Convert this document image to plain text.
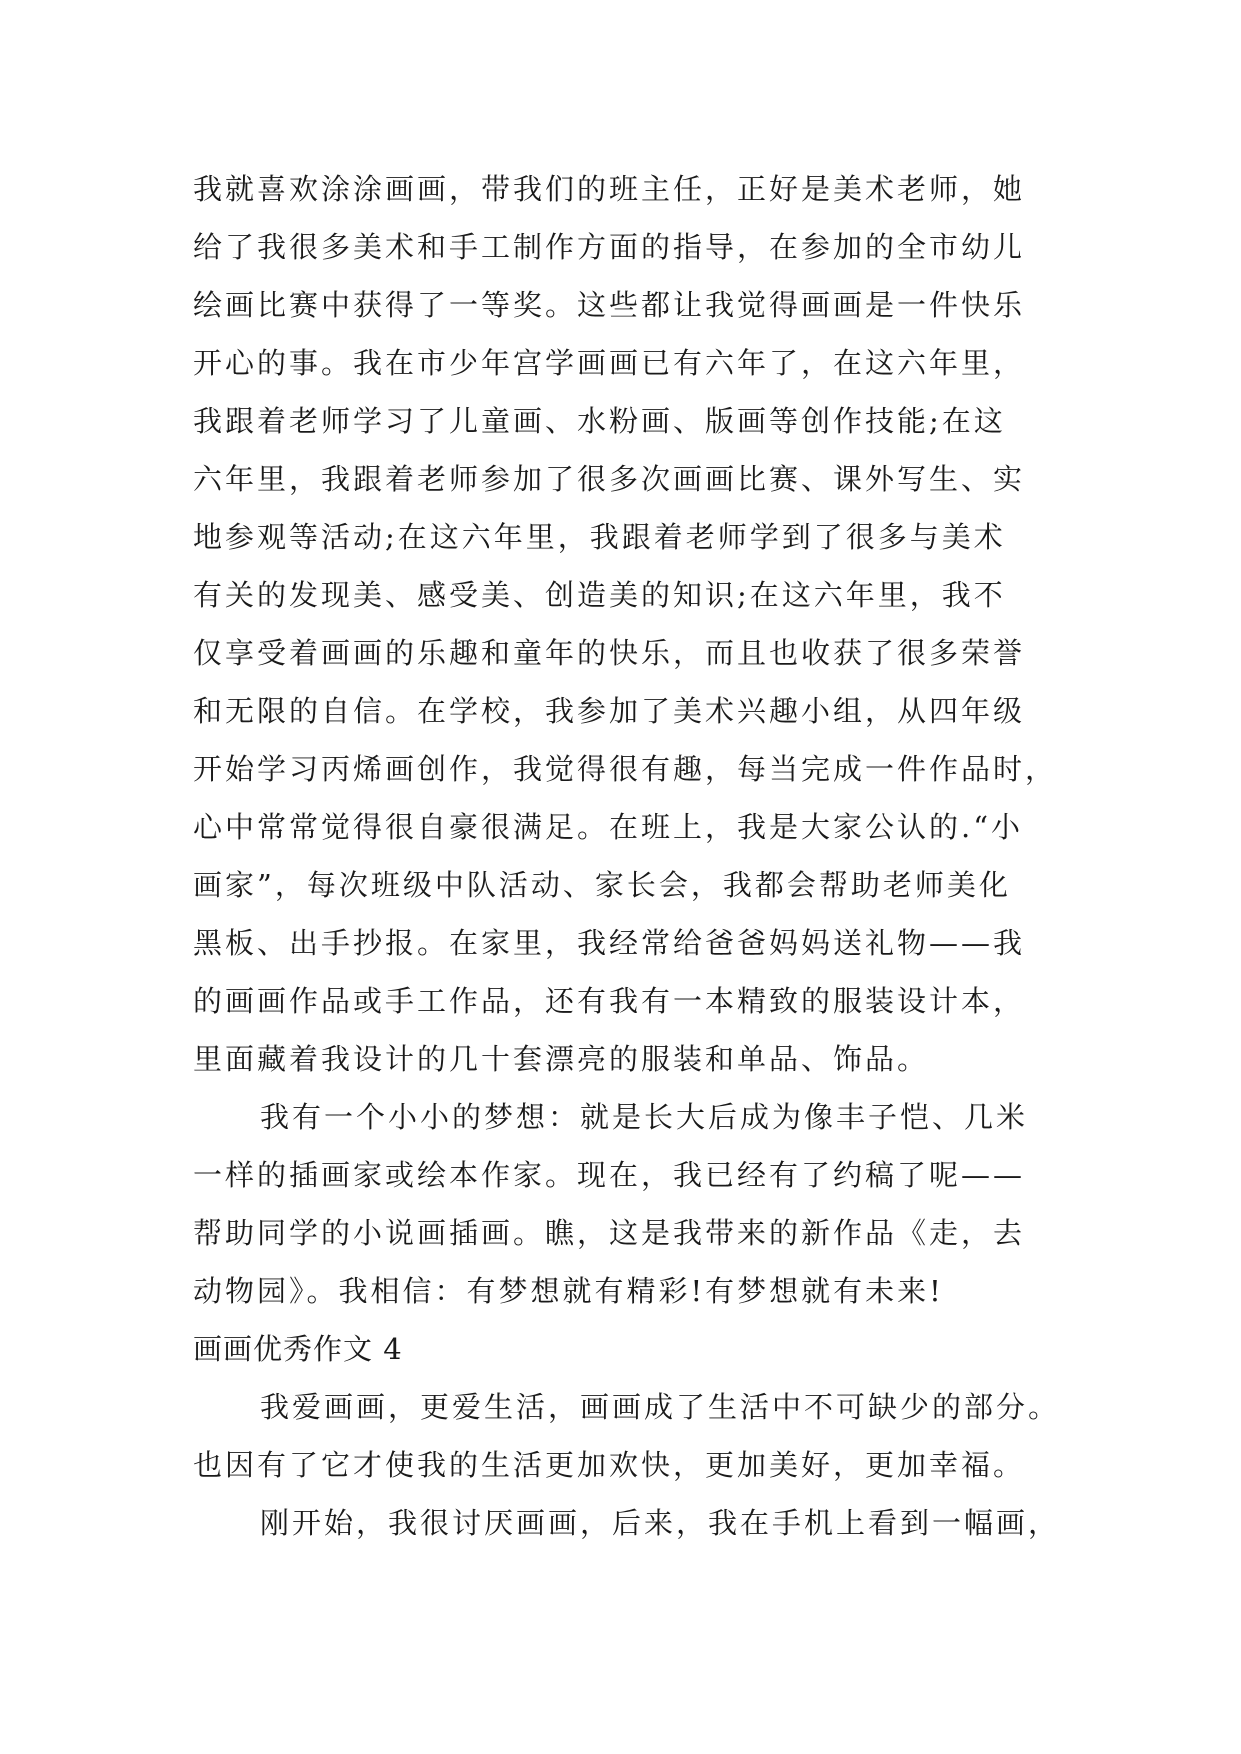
我就喜欢涂涂画画，带我们的班主任，正好是美术老师，她
给了我很多美术和手工制作方面的指导，在参加的全市幼儿
绘画比赛中获得了一等奖。这些都让我觉得画画是一件快乐
开心的事。我在市少年宫学画画已有六年了，在这六年里，
我跟着老师学习了儿童画、水粉画、版画等创作技能;在这
六年里，我跟着老师参加了很多次画画比赛、课外写生、实
地参观等活动;在这六年里，我跟着老师学到了很多与美术
有关的发现美、感受美、创造美的知识;在这六年里，我不
仅享受着画画的乐趣和童年的快乐，而且也收获了很多荣誉
和无限的自信。在学校，我参加了美术兴趣小组，从四年级
开始学习丙烯画创作，我觉得很有趣，每当完成一件作品时，
心中常常觉得很自豪很满足。在班上，我是大家公认的.“小
画家”，每次班级中队活动、家长会，我都会帮助老师美化
黑板、出手抄报。在家里，我经常给爸爸妈妈送礼物——我
的画画作品或手工作品，还有我有一本精致的服装设计本，
里面藏着我设计的几十套漂亮的服装和单品、饰品。
我有一个小小的梦想：就是长大后成为像丰子恺、几米
一样的插画家或绘本作家。现在，我已经有了约稿了呢——
帮助同学的小说画插画。瞧，这是我带来的新作品《走，去
动物园》。我相信：有梦想就有精彩!有梦想就有未来!
画画优秀作文 4
我爱画画，更爱生活，画画成了生活中不可缺少的部分。
也因有了它才使我的生活更加欢快，更加美好，更加幸福。
刚开始，我很讨厌画画，后来，我在手机上看到一幅画，
